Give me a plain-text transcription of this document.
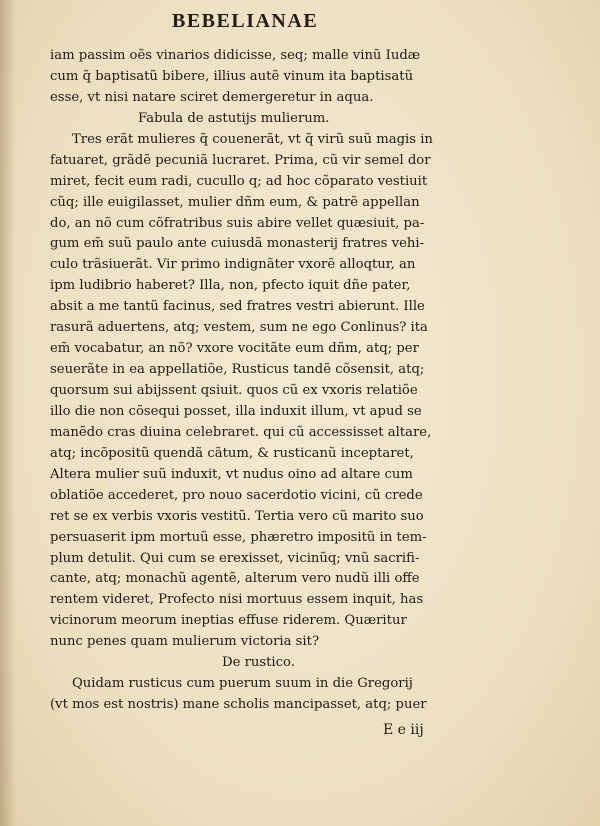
BEBELIANAE
iam passim oẽs vinarios didicisse, seq; malle vinũ Iudæ
cum q̃ baptisatũ bibere, illius autẽ vinum ita baptisatũ
esse, vt nisi natare sciret demergeretur in aqua.
Fabula de astutijs mulierum.
Tres erãt mulieres q̃ couenerãt, vt q̃ virũ suũ magis in
fatuaret, grãdẽ pecuniã lucraret. Prima, cũ vir semel dor
miret, fecit eum radi, cucullo q; ad hoc cõparato vestiuit
cũq; ille euigilasset, mulier dñm eum, & patrẽ appellan
do, an nõ cum cõfratribus suis abire vellet quæsiuit, pa-
gum em̃ suũ paulo ante cuiusdã monasterij fratres vehi-
culo trãsiuerãt. Vir primo indignãter vxorẽ alloqtur, an
ipm ludibrio haberet? Illa, non, pfecto iquit dñe pater,
absit a me tantũ facinus, sed fratres vestri abierunt. Ille
rasurã aduertens, atq; vestem, sum ne ego Conlinus? ita
em̃ vocabatur, an nõ? vxore vocitãte eum dñm, atq; per
seuerãte in ea appellatiõe, Rusticus tandẽ cõsensit, atq;
quorsum sui abijssent qsiuit. quos cũ ex vxoris relatiõe
illo die non cõsequi posset, illa induxit illum, vt apud se
manẽdo cras diuina celebraret. qui cũ accessisset altare,
atq; incõpositũ quendã cãtum, & rusticanũ inceptaret,
Altera mulier suũ induxit, vt nudus oino ad altare cum
oblatiõe accederet, pro nouo sacerdotio vicini, cũ crede
ret se ex verbis vxoris vestitũ. Tertia vero cũ marito suo
persuaserit ipm mortuũ esse, phæretro impositũ in tem-
plum detulit. Qui cum se erexisset, vicinũq; vnũ sacrifi-
cante, atq; monachũ agentẽ, alterum vero nudũ illi offe
rentem videret, Profecto nisi mortuus essem inquit, has
vicinorum meorum ineptias effuse riderem. Quæritur
nunc penes quam mulierum victoria sit?
De rustico.
Quidam rusticus cum puerum suum in die Gregorij
(vt mos est nostris) mane scholis mancipasset, atq; puer
E e iij
